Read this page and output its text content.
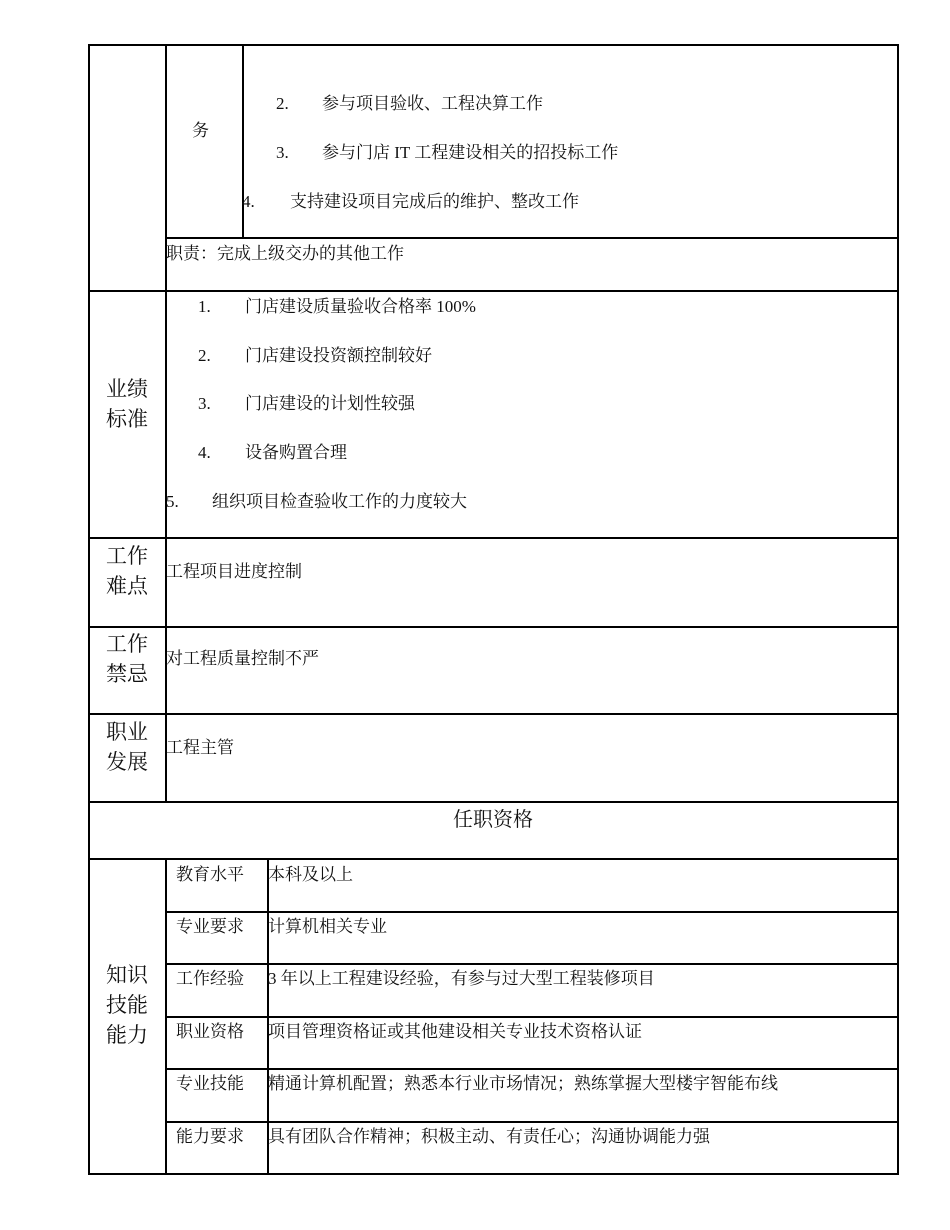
务
2. 参与项目验收、工程决算工作
3. 参与门店 IT 工程建设相关的招投标工作
4. 支持建设项目完成后的维护、整改工作
职责：完成上级交办的其他工作
业绩
标准
1. 门店建设质量验收合格率 100%
2. 门店建设投资额控制较好
3. 门店建设的计划性较强
4. 设备购置合理
5. 组织项目检查验收工作的力度较大
工作
难点
工程项目进度控制
工作
禁忌
对工程质量控制不严
职业
发展
工程主管
任职资格
知识
技能
能力
教育水平 本科及以上
专业要求 计算机相关专业
工作经验 3 年以上工程建设经验，有参与过大型工程装修项目
职业资格 项目管理资格证或其他建设相关专业技术资格认证
专业技能 精通计算机配置；熟悉本行业市场情况；熟练掌握大型楼宇智能布线
能力要求 具有团队合作精神；积极主动、有责任心；沟通协调能力强
